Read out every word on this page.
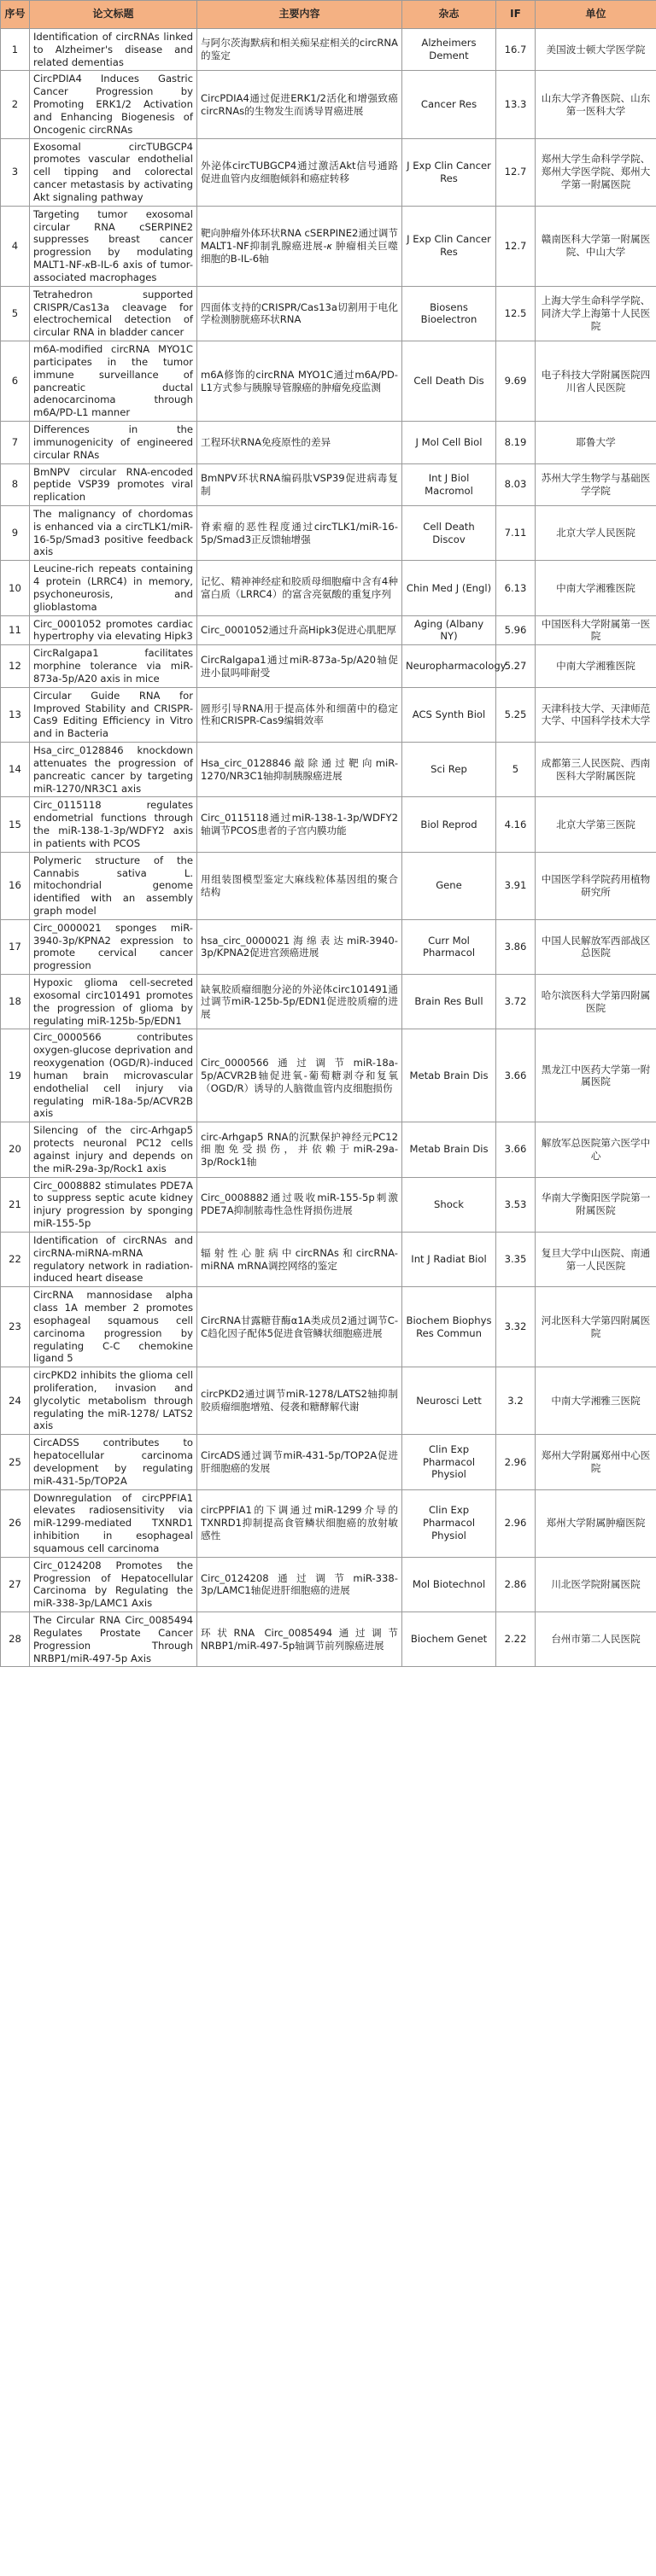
序号	论文标题	主要内容	杂志	IF	单位
1	Identification of circRNAs linked to Alzheimer's disease and related dementias	与阿尔茨海默病和相关痴呆症相关的circRNA的鉴定	Alzheimers Dement	16.7	美国波士顿大学医学院
2	CircPDIA4 Induces Gastric Cancer Progression by Promoting ERK1/2 Activation and Enhancing Biogenesis of Oncogenic circRNAs	CircPDIA4通过促进ERK1/2活化和增强致癌circRNAs的生物发生而诱导胃癌进展	Cancer Res	13.3	山东大学齐鲁医院、山东第一医科大学
3	Exosomal circTUBGCP4 promotes vascular endothelial cell tipping and colorectal cancer metastasis by activating Akt signaling pathway	外泌体circTUBGCP4通过激活Akt信号通路促进血管内皮细胞倾斜和癌症转移	J Exp Clin Cancer Res	12.7	郑州大学生命科学学院、郑州大学医学院、郑州大学第一附属医院
4	Targeting tumor exosomal circular RNA cSERPINE2 suppresses breast cancer progression by modulating MALT1-NF-𝜅B-IL-6 axis of tumor-associated macrophages	靶向肿瘤外体环状RNA cSERPINE2通过调节MALT1-NF抑制乳腺癌进展-𝜅 肿瘤相关巨噬细胞的B-IL-6轴	J Exp Clin Cancer Res	12.7	赣南医科大学第一附属医院、中山大学
5	Tetrahedron supported CRISPR/Cas13a cleavage for electrochemical detection of circular RNA in bladder cancer	四面体支持的CRISPR/Cas13a切割用于电化学检测膀胱癌环状RNA	Biosens Bioelectron	12.5	上海大学生命科学学院、同济大学上海第十人民医院
6	m6A-modified circRNA MYO1C participates in the tumor immune surveillance of pancreatic ductal adenocarcinoma through m6A/PD-L1 manner	m6A修饰的circRNA MYO1C通过m6A/PD-L1方式参与胰腺导管腺癌的肿瘤免疫监测	Cell Death Dis	9.69	电子科技大学附属医院四川省人民医院
7	Differences in the immunogenicity of engineered circular RNAs	工程环状RNA免疫原性的差异	J Mol Cell Biol	8.19	耶鲁大学
8	BmNPV circular RNA-encoded peptide VSP39 promotes viral replication	BmNPV环状RNA编码肽VSP39促进病毒复制	Int J Biol Macromol	8.03	苏州大学生物学与基础医学学院
9	The malignancy of chordomas is enhanced via a circTLK1/miR-16-5p/Smad3 positive feedback axis	脊索瘤的恶性程度通过circTLK1/miR-16-5p/Smad3正反馈轴增强	Cell Death Discov	7.11	北京大学人民医院
10	Leucine-rich repeats containing 4 protein (LRRC4) in memory, psychoneurosis, and glioblastoma	记忆、精神神经症和胶质母细胞瘤中含有4种富白质（LRRC4）的富含亮氨酸的重复序列	Chin Med J (Engl)	6.13	中南大学湘雅医院
11	Circ_0001052 promotes cardiac hypertrophy via elevating Hipk3	Circ_0001052通过升高Hipk3促进心肌肥厚	Aging (Albany NY)	5.96	中国医科大学附属第一医院
12	CircRalgapa1 facilitates morphine tolerance via miR-873a-5p/A20 axis in mice	CircRalgapa1通过miR-873a-5p/A20轴促进小鼠吗啡耐受	Neuropharmacology	5.27	中南大学湘雅医院
13	Circular Guide RNA for Improved Stability and CRISPR-Cas9 Editing Efficiency in Vitro and in Bacteria	圆形引导RNA用于提高体外和细菌中的稳定性和CRISPR-Cas9编辑效率	ACS Synth Biol	5.25	天津科技大学、天津师范大学、中国科学技术大学
14	Hsa_circ_0128846 knockdown attenuates the progression of pancreatic cancer by targeting miR-1270/NR3C1 axis	Hsa_circ_0128846敲除通过靶向miR-1270/NR3C1轴抑制胰腺癌进展	Sci Rep	5	成都第三人民医院、西南医科大学附属医院
15	Circ_0115118 regulates endometrial functions through the miR-138-1-3p/WDFY2 axis in patients with PCOS	Circ_0115118通过miR-138-1-3p/WDFY2轴调节PCOS患者的子宫内膜功能	Biol Reprod	4.16	北京大学第三医院
16	Polymeric structure of the Cannabis sativa L. mitochondrial genome identified with an assembly graph model	用组装图模型鉴定大麻线粒体基因组的聚合结构	Gene	3.91	中国医学科学院药用植物研究所
17	Circ_0000021 sponges miR-3940-3p/KPNA2 expression to promote cervical cancer progression	hsa_circ_0000021海绵表达miR-3940-3p/KPNA2促进宫颈癌进展	Curr Mol Pharmacol	3.86	中国人民解放军西部战区总医院
18	Hypoxic glioma cell-secreted exosomal circ101491 promotes the progression of glioma by regulating miR-125b-5p/EDN1	缺氧胶质瘤细胞分泌的外泌体circ101491通过调节miR-125b-5p/EDN1促进胶质瘤的进展	Brain Res Bull	3.72	哈尔滨医科大学第四附属医院
19	Circ_0000566 contributes oxygen-glucose deprivation and reoxygenation (OGD/R)-induced human brain microvascular endothelial cell injury via regulating miR-18a-5p/ACVR2B axis	Circ_0000566通过调节miR-18a-5p/ACVR2B轴促进氧-葡萄糖剥夺和复氧（OGD/R）诱导的人脑微血管内皮细胞损伤	Metab Brain Dis	3.66	黑龙江中医药大学第一附属医院
20	Silencing of the circ-Arhgap5 protects neuronal PC12 cells against injury and depends on the miR-29a-3p/Rock1 axis	circ-Arhgap5 RNA的沉默保护神经元PC12细胞免受损伤，并依赖于miR-29a-3p/Rock1轴	Metab Brain Dis	3.66	解放军总医院第六医学中心
21	Circ_0008882 stimulates PDE7A to suppress septic acute kidney injury progression by sponging miR-155-5p	Circ_0008882通过吸收miR-155-5p刺激PDE7A抑制脓毒性急性肾损伤进展	Shock	3.53	华南大学衡阳医学院第一附属医院
22	Identification of circRNAs and circRNA-miRNA-mRNA regulatory network in radiation-induced heart disease	辐射性心脏病中circRNAs和circRNA-miRNA mRNA调控网络的鉴定	Int J Radiat Biol	3.35	复旦大学中山医院、南通第一人民医院
23	CircRNA mannosidase alpha class 1A member 2 promotes esophageal squamous cell carcinoma progression by regulating C-C chemokine ligand 5	CircRNA甘露糖苷酶α1A类成员2通过调节C-C趋化因子配体5促进食管鳞状细胞癌进展	Biochem Biophys Res Commun	3.32	河北医科大学第四附属医院
24	circPKD2 inhibits the glioma cell proliferation, invasion and glycolytic metabolism through regulating the miR-1278/ LATS2 axis	circPKD2通过调节miR-1278/LATS2轴抑制胶质瘤细胞增殖、侵袭和糖酵解代谢	Neurosci Lett	3.2	中南大学湘雅三医院
25	CircADSS contributes to hepatocellular carcinoma development by regulating miR-431-5p/TOP2A	CircADS通过调节miR-431-5p/TOP2A促进肝细胞癌的发展	Clin Exp Pharmacol Physiol	2.96	郑州大学附属郑州中心医院
26	Downregulation of circPPFIA1 elevates radiosensitivity via miR-1299-mediated TXNRD1 inhibition in esophageal squamous cell carcinoma	circPPFIA1的下调通过miR-1299介导的TXNRD1抑制提高食管鳞状细胞癌的放射敏感性	Clin Exp Pharmacol Physiol	2.96	郑州大学附属肿瘤医院
27	Circ_0124208 Promotes the Progression of Hepatocellular Carcinoma by Regulating the miR-338-3p/LAMC1 Axis	Circ_0124208通过调节miR-338-3p/LAMC1轴促进肝细胞癌的进展	Mol Biotechnol	2.86	川北医学院附属医院
28	The Circular RNA Circ_0085494 Regulates Prostate Cancer Progression Through NRBP1/miR-497-5p Axis	环状RNA Circ_0085494通过调节NRBP1/miR-497-5p轴调节前列腺癌进展	Biochem Genet	2.22	台州市第二人民医院
